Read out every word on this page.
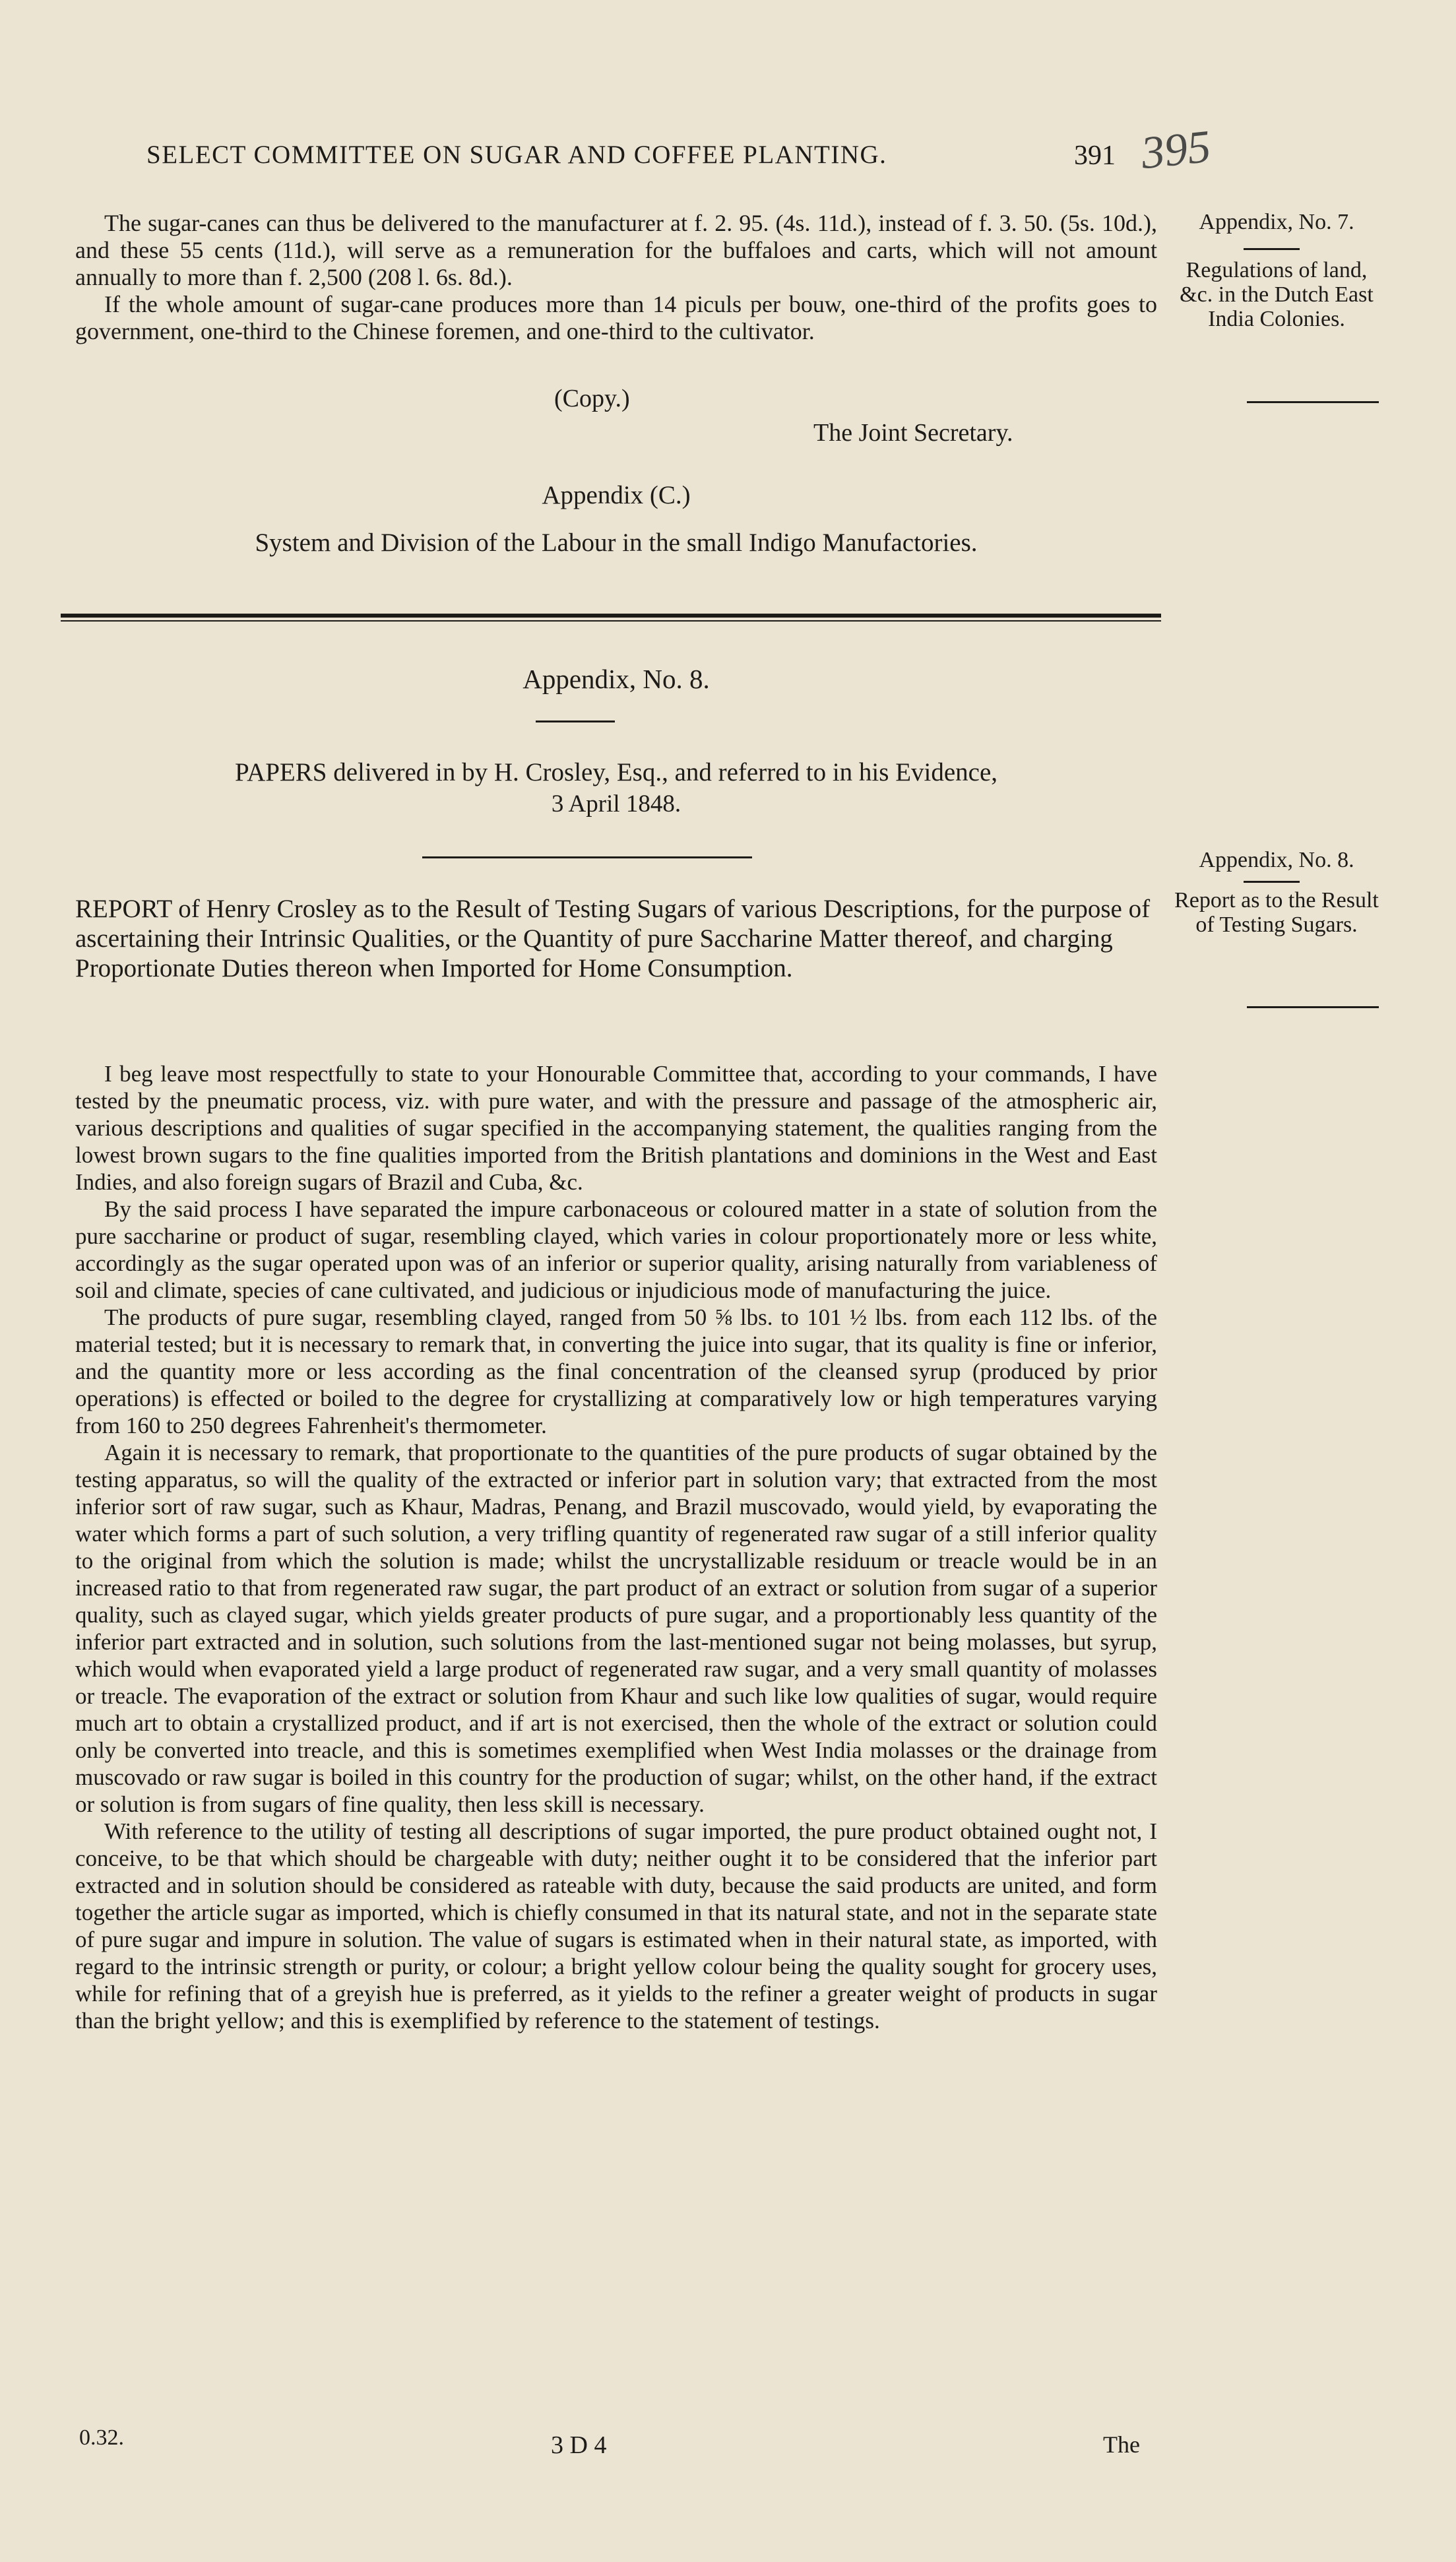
SELECT COMMITTEE ON SUGAR AND COFFEE PLANTING.	391 395

The sugar-canes can thus be delivered to the manufacturer at f. 2. 95. (4s. 11d.), instead of f. 3. 50. (5s. 10d.), and these 55 cents (11d.), will serve as a remuneration for the buffaloes and carts, which will not amount annually to more than f. 2,500 (208 l. 6s. 8d.).

If the whole amount of sugar-cane produces more than 14 piculs per bouw, one-third of the profits goes to government, one-third to the Chinese foremen, and one-third to the cultivator.

(Copy.)
The Joint Secretary.
Appendix (C.)
System and Division of the Labour in the small Indigo Manufactories.
Appendix, No. 7.
Regulations of land, &c. in the Dutch East India Colonies.
Appendix, No. 8.
PAPERS delivered in by H. Crosley, Esq., and referred to in his Evidence,
3 April 1848.
Appendix, No. 8.
Report as to the Result of Testing Sugars.

REPORT of Henry Crosley as to the Result of Testing Sugars of various Descriptions, for the purpose of ascertaining their Intrinsic Qualities, or the Quantity of pure Saccharine Matter thereof, and charging Proportionate Duties thereon when Imported for Home Consumption.

I beg leave most respectfully to state to your Honourable Committee that, according to your commands, I have tested by the pneumatic process, viz. with pure water, and with the pressure and passage of the atmospheric air, various descriptions and qualities of sugar specified in the accompanying statement, the qualities ranging from the lowest brown sugars to the fine qualities imported from the British plantations and dominions in the West and East Indies, and also foreign sugars of Brazil and Cuba, &c.

By the said process I have separated the impure carbonaceous or coloured matter in a state of solution from the pure saccharine or product of sugar, resembling clayed, which varies in colour proportionately more or less white, accordingly as the sugar operated upon was of an inferior or superior quality, arising naturally from variableness of soil and climate, species of cane cultivated, and judicious or injudicious mode of manufacturing the juice.

The products of pure sugar, resembling clayed, ranged from 50 ⅝ lbs. to 101 ½ lbs. from each 112 lbs. of the material tested; but it is necessary to remark that, in converting the juice into sugar, that its quality is fine or inferior, and the quantity more or less according as the final concentration of the cleansed syrup (produced by prior operations) is effected or boiled to the degree for crystallizing at comparatively low or high temperatures varying from 160 to 250 degrees Fahrenheit's thermometer.

Again it is necessary to remark, that proportionate to the quantities of the pure products of sugar obtained by the testing apparatus, so will the quality of the extracted or inferior part in solution vary; that extracted from the most inferior sort of raw sugar, such as Khaur, Madras, Penang, and Brazil muscovado, would yield, by evaporating the water which forms a part of such solution, a very trifling quantity of regenerated raw sugar of a still inferior quality to the original from which the solution is made; whilst the uncrystallizable residuum or treacle would be in an increased ratio to that from regenerated raw sugar, the part product of an extract or solution from sugar of a superior quality, such as clayed sugar, which yields greater products of pure sugar, and a proportionably less quantity of the inferior part extracted and in solution, such solutions from the last-mentioned sugar not being molasses, but syrup, which would when evaporated yield a large product of regenerated raw sugar, and a very small quantity of molasses or treacle. The evaporation of the extract or solution from Khaur and such like low qualities of sugar, would require much art to obtain a crystallized product, and if art is not exercised, then the whole of the extract or solution could only be converted into treacle, and this is sometimes exemplified when West India molasses or the drainage from muscovado or raw sugar is boiled in this country for the production of sugar; whilst, on the other hand, if the extract or solution is from sugars of fine quality, then less skill is necessary.

With reference to the utility of testing all descriptions of sugar imported, the pure product obtained ought not, I conceive, to be that which should be chargeable with duty; neither ought it to be considered that the inferior part extracted and in solution should be considered as rateable with duty, because the said products are united, and form together the article sugar as imported, which is chiefly consumed in that its natural state, and not in the separate state of pure sugar and impure in solution. The value of sugars is estimated when in their natural state, as imported, with regard to the intrinsic strength or purity, or colour; a bright yellow colour being the quality sought for grocery uses, while for refining that of a greyish hue is preferred, as it yields to the refiner a greater weight of products in sugar than the bright yellow; and this is exemplified by reference to the statement of testings.

0.32.	3 D 4	The
